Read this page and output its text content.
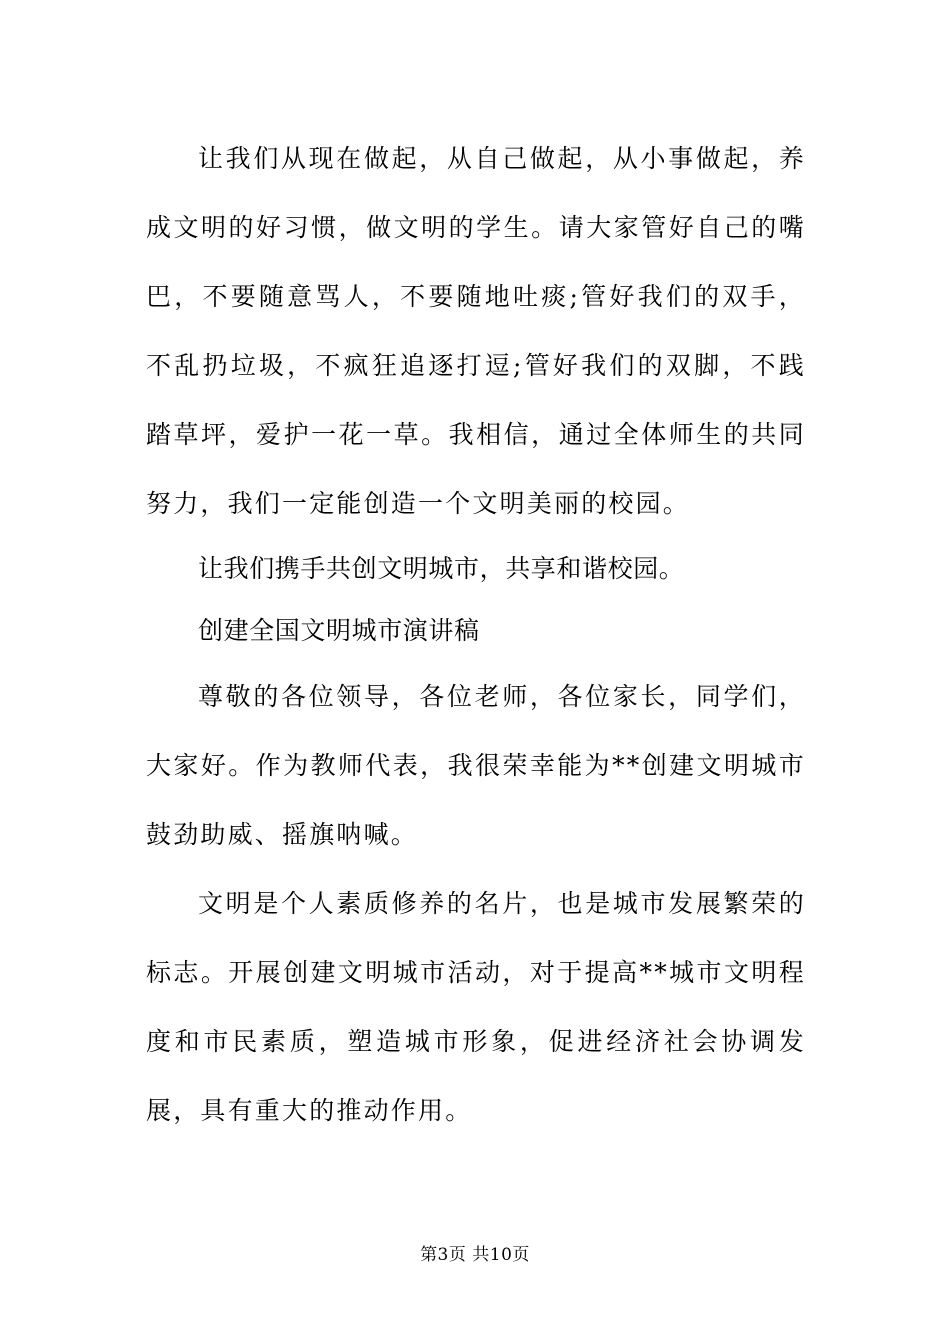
让我们从现在做起，从自己做起，从小事做起，养成文明的好习惯，做文明的学生。请大家管好自己的嘴巴，不要随意骂人，不要随地吐痰;管好我们的双手，不乱扔垃圾，不疯狂追逐打逗;管好我们的双脚，不践踏草坪，爱护一花一草。我相信，通过全体师生的共同努力，我们一定能创造一个文明美丽的校园。

让我们携手共创文明城市，共享和谐校园。

创建全国文明城市演讲稿

尊敬的各位领导，各位老师，各位家长，同学们，大家好。作为教师代表，我很荣幸能为**创建文明城市鼓劲助威、摇旗呐喊。

文明是个人素质修养的名片，也是城市发展繁荣的标志。开展创建文明城市活动，对于提高**城市文明程度和市民素质，塑造城市形象，促进经济社会协调发展，具有重大的推动作用。

第3页 共10页
